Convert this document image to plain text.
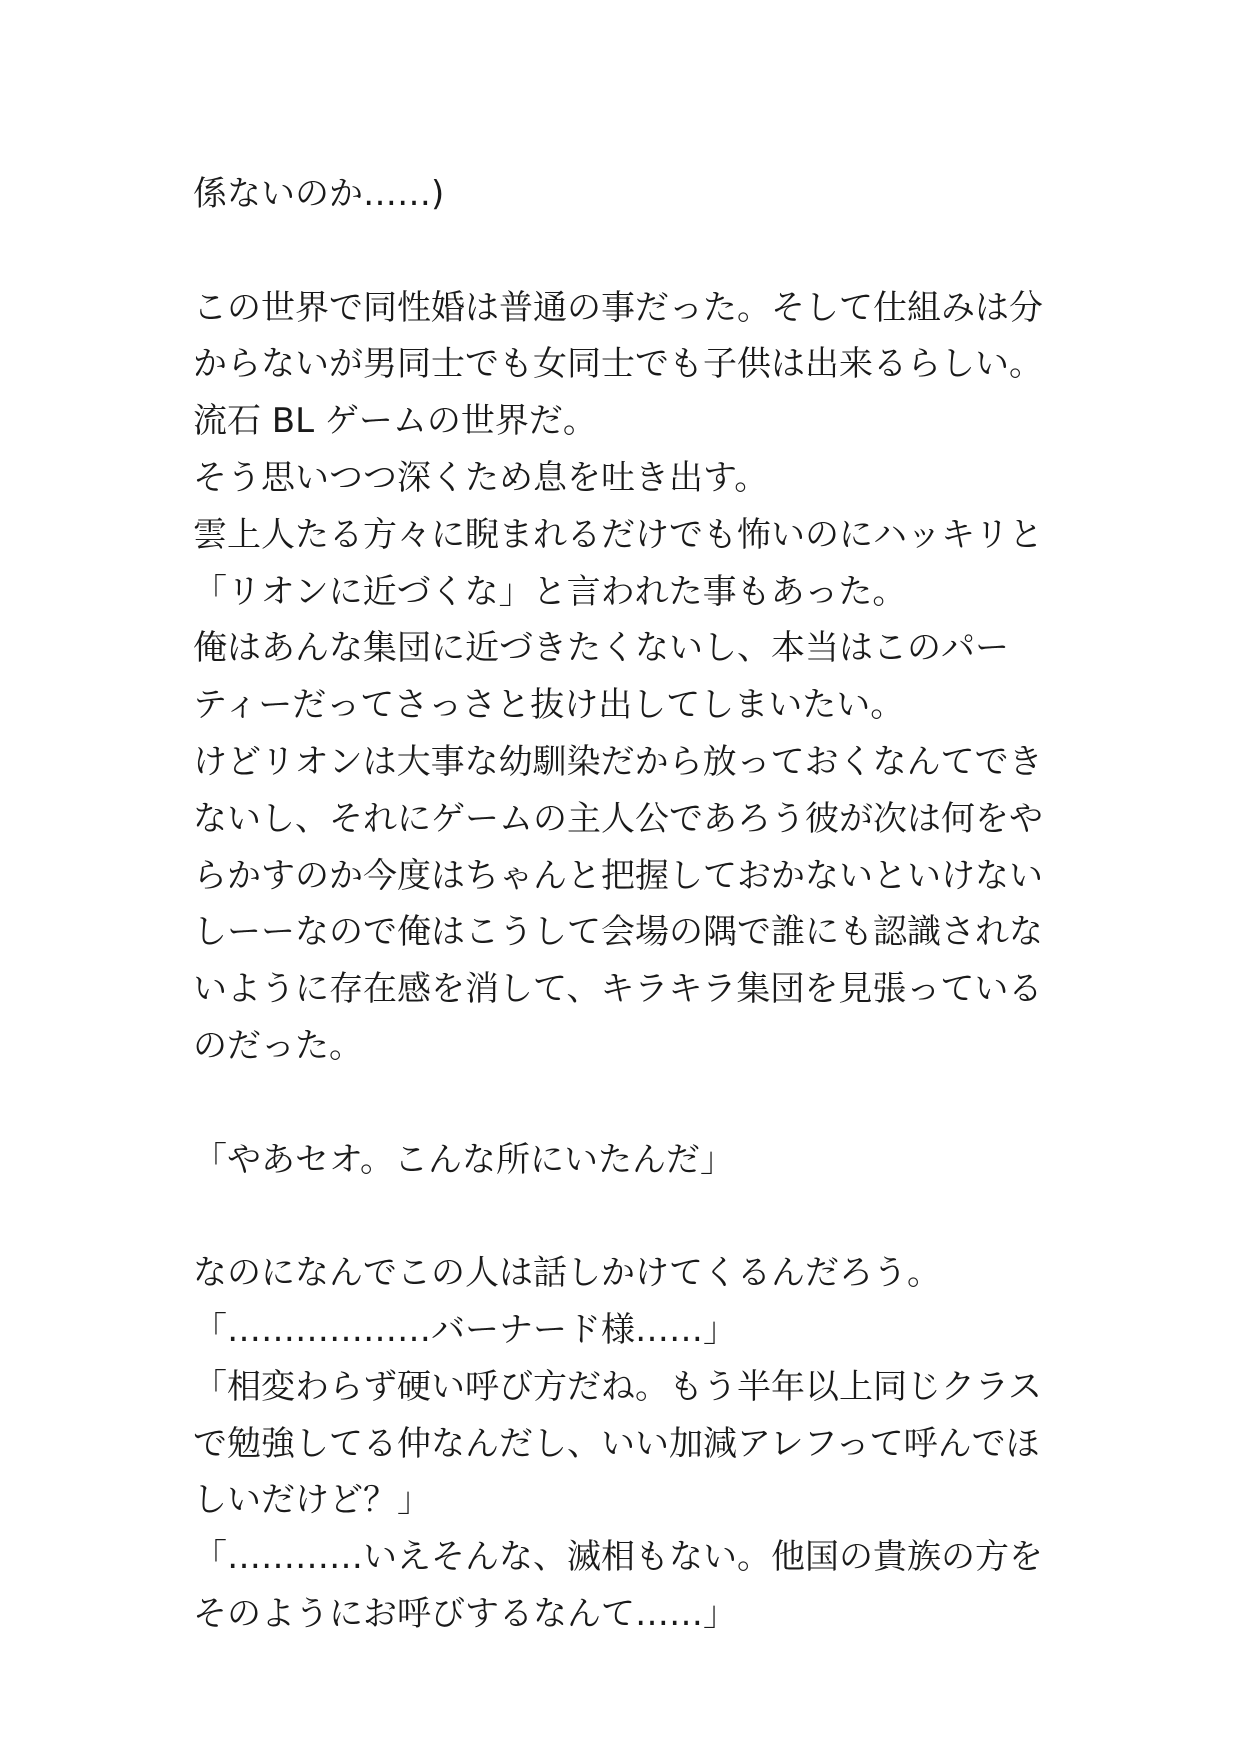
係ないのか……)
この世界で同性婚は普通の事だった。そして仕組みは分
からないが男同士でも女同士でも子供は出来るらしい。
流石 BL ゲームの世界だ。
そう思いつつ深くため息を吐き出す。
雲上人たる方々に睨まれるだけでも怖いのにハッキリと
「リオンに近づくな」と言われた事もあった。
俺はあんな集団に近づきたくないし、本当はこのパー
ティーだってさっさと抜け出してしまいたい。
けどリオンは大事な幼馴染だから放っておくなんてでき
ないし、それにゲームの主人公であろう彼が次は何をや
らかすのか今度はちゃんと把握しておかないといけない
しーーなので俺はこうして会場の隅で誰にも認識されな
いように存在感を消して、キラキラ集団を見張っている
のだった。
「やあセオ。こんな所にいたんだ」
なのになんでこの人は話しかけてくるんだろう。
「………………バーナード様……」
「相変わらず硬い呼び方だね。もう半年以上同じクラス
で勉強してる仲なんだし、いい加減アレフって呼んでほ
しいだけど？」
「…………いえそんな、滅相もない。他国の貴族の方を
そのようにお呼びするなんて……」
